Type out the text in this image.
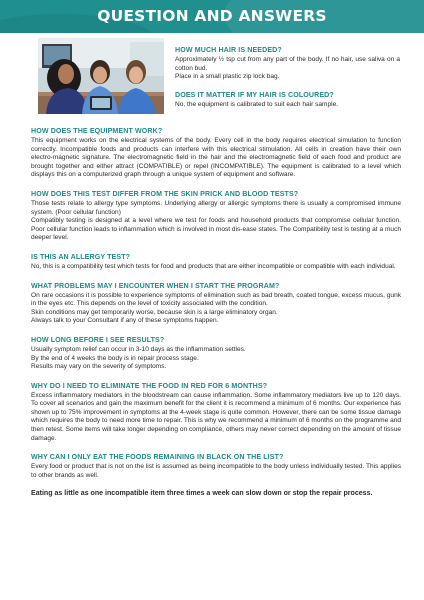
QUESTION AND ANSWERS
HOW MUCH HAIR IS NEEDED?
Approximately ½ tsp cut from any part of the body. If no hair, use saliva on a cotton bud.
Place in a small plastic zip lock bag.
DOES IT MATTER IF MY HAIR IS COLOURED?
No, the equipment is calibrated to suit each hair sample.
HOW DOES THE EQUIPMENT WORK?
This equipment works on the electrical systems of the body. Every cell in the body requires electrical simulation to function correctly. Incompatible foods and products can interfere with this electrical stimulation. All cells in creation have their own electro-magnetic signature. The electromagnetic field in the hair and the electromagnetic field of each food and product are brought together and either attract (COMPATIBLE) or repel (INCOMPATIBLE). The equipment is calibrated to a level which displays this on a computerized graph through a unique system of equipment and software.
HOW DOES THIS TEST DIFFER FROM THE SKIN PRICK AND BLOOD TESTS?
Those tests relate to allergy type symptoms. Underlying allergy or allergic symptoms there is usually a compromised immune system. (Poor cellular function)
Compatibly testing is designed at a level where we test for foods and household products that compromise cellular function. Poor cellular function leads to inflammation which is involved in most dis-ease states. The Compatibility test is testing at a much deeper level.
IS THIS AN ALLERGY TEST?
No, this is a compatibility test which tests for food and products that are either incompatible or compatible with each individual.
WHAT PROBLEMS MAY I ENCOUNTER WHEN I START THE PROGRAM?
On rare occasions it is possible to experience symptoms of elimination such as bad breath, coated tongue, excess mucus, gunk in the eyes etc. This depends on the level of toxicity associated with the condition.
Skin conditions may get temporarily worse, because skin is a large eliminatory organ.
Always talk to your Consultant if any of these symptoms happen.
HOW LONG BEFORE I SEE RESULTS?
Usually symptom relief can occur in 3-10 days as the inflammation settles.
By the end of 4 weeks the body is in repair process stage.
Results may vary on the severity of symptoms.
WHY DO I NEED TO ELIMINATE THE FOOD IN RED FOR 6 MONTHS?
Excess inflammatory mediators in the bloodstream can cause inflammation. Some inflammatory mediators live up to 120 days. To cover all scenarios and gain the maximum benefit for the client it is recommend a minimum of 6 months. Our experience has shown up to 75% improvement in symptoms at the 4-week stage is quite common. However, there can be some tissue damage which requires the body to need more time to repair. This is why we recommend a minimum of 6 months on the programme and then retest. Some items will take longer depending on compliance, others may never correct depending on the amount of tissue damage.
WHY CAN I ONLY EAT THE FOODS REMAINING IN BLACK ON THE LIST?
Every food or product that is not on the list is assumed as being incompatible to the body unless individually tested. This applies to other brands as well.
Eating as little as one incompatible item three times a week can slow down or stop the repair process.
